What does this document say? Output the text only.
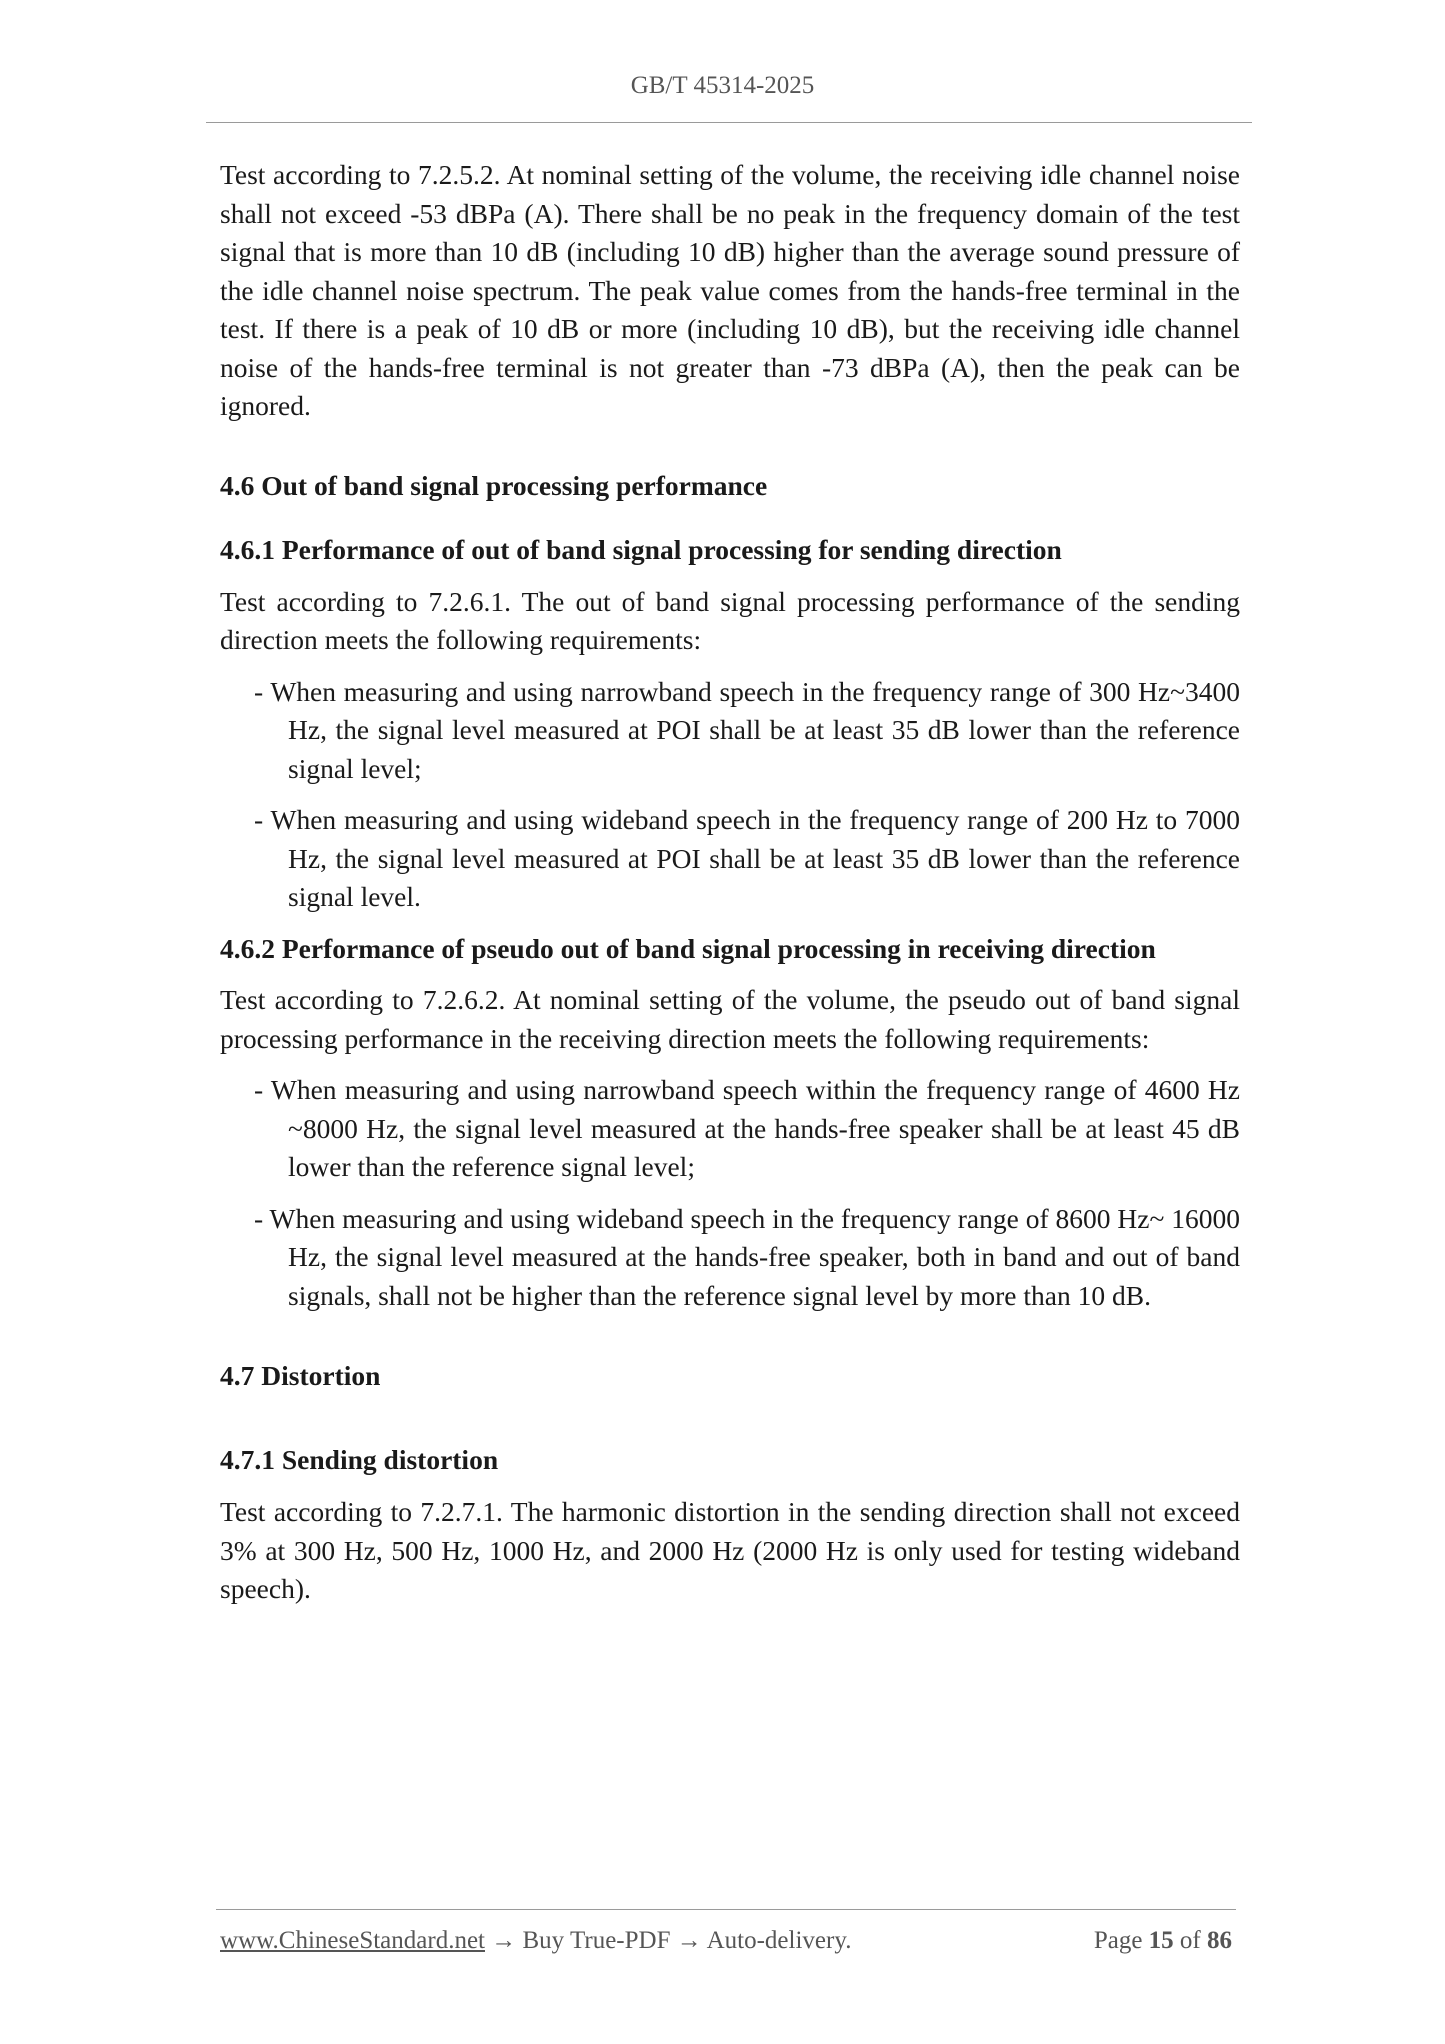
GB/T 45314-2025

Test according to 7.2.5.2. At nominal setting of the volume, the receiving idle channel noise shall not exceed -53 dBPa (A). There shall be no peak in the frequency domain of the test signal that is more than 10 dB (including 10 dB) higher than the average sound pressure of the idle channel noise spectrum. The peak value comes from the hands-free terminal in the test. If there is a peak of 10 dB or more (including 10 dB), but the receiving idle channel noise of the hands-free terminal is not greater than -73 dBPa (A), then the peak can be ignored.

4.6 Out of band signal processing performance

4.6.1 Performance of out of band signal processing for sending direction

Test according to 7.2.6.1. The out of band signal processing performance of the sending direction meets the following requirements:

- When measuring and using narrowband speech in the frequency range of 300 Hz~3400 Hz, the signal level measured at POI shall be at least 35 dB lower than the reference signal level;

- When measuring and using wideband speech in the frequency range of 200 Hz to 7000 Hz, the signal level measured at POI shall be at least 35 dB lower than the reference signal level.

4.6.2 Performance of pseudo out of band signal processing in receiving direction

Test according to 7.2.6.2. At nominal setting of the volume, the pseudo out of band signal processing performance in the receiving direction meets the following requirements:

- When measuring and using narrowband speech within the frequency range of 4600 Hz ~8000 Hz, the signal level measured at the hands-free speaker shall be at least 45 dB lower than the reference signal level;

- When measuring and using wideband speech in the frequency range of 8600 Hz~ 16000 Hz, the signal level measured at the hands-free speaker, both in band and out of band signals, shall not be higher than the reference signal level by more than 10 dB.

4.7 Distortion

4.7.1 Sending distortion

Test according to 7.2.7.1. The harmonic distortion in the sending direction shall not exceed 3% at 300 Hz, 500 Hz, 1000 Hz, and 2000 Hz (2000 Hz is only used for testing wideband speech).

www.ChineseStandard.net → Buy True-PDF → Auto-delivery.	Page 15 of 86
